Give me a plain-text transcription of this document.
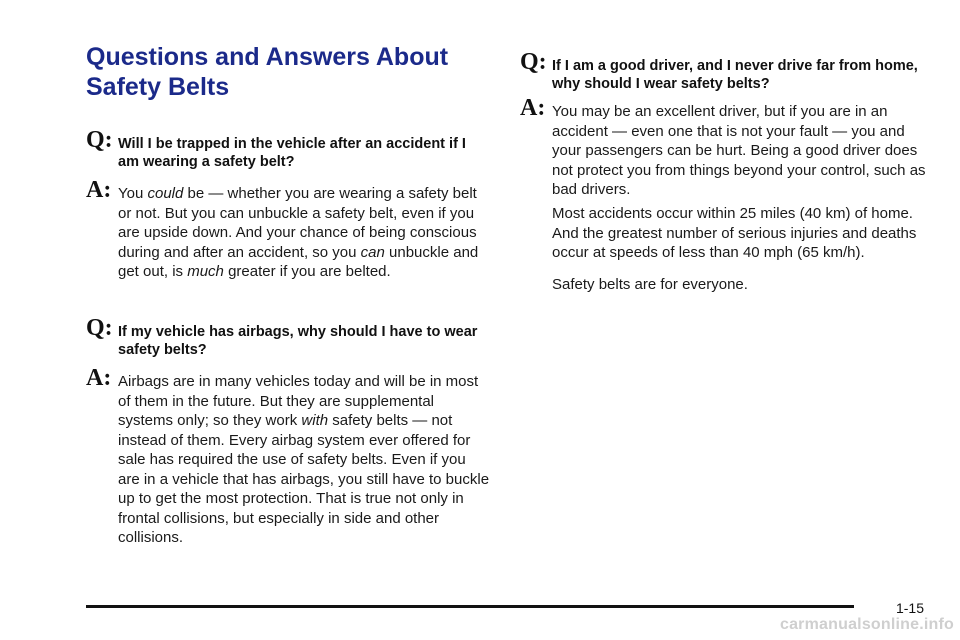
Questions and Answers About Safety Belts
Q: Will I be trapped in the vehicle after an accident if I am wearing a safety belt?

A: You could be — whether you are wearing a safety belt or not. But you can unbuckle a safety belt, even if you are upside down. And your chance of being conscious during and after an accident, so you can unbuckle and get out, is much greater if you are belted.

Q: If my vehicle has airbags, why should I have to wear safety belts?

A: Airbags are in many vehicles today and will be in most of them in the future. But they are supplemental systems only; so they work with safety belts — not instead of them. Every airbag system ever offered for sale has required the use of safety belts. Even if you are in a vehicle that has airbags, you still have to buckle up to get the most protection. That is true not only in frontal collisions, but especially in side and other collisions.

Q: If I am a good driver, and I never drive far from home, why should I wear safety belts?

A: You may be an excellent driver, but if you are in an accident — even one that is not your fault — you and your passengers can be hurt. Being a good driver does not protect you from things beyond your control, such as bad drivers.

Most accidents occur within 25 miles (40 km) of home. And the greatest number of serious injuries and deaths occur at speeds of less than 40 mph (65 km/h).

Safety belts are for everyone.

1-15
carmanualsonline.info
